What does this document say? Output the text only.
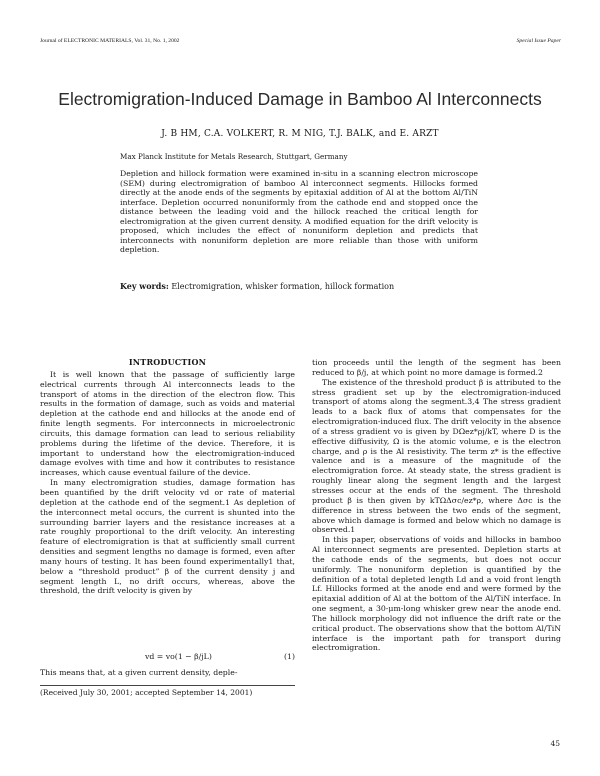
Journal of ELECTRONIC MATERIALS, Vol. 31, No. 1, 2002	Special Issue Paper
Electromigration-Induced Damage in Bamboo Al Interconnects
J. B HM, C.A. VOLKERT, R. M NIG, T.J. BALK, and E. ARZT
Max Planck Institute for Metals Research, Stuttgart, Germany

Depletion and hillock formation were examined in-situ in a scanning electron microscope (SEM) during electromigration of bamboo Al interconnect segments. Hillocks formed directly at the anode ends of the segments by epitaxial addition of Al at the bottom Al/TiN interface. Depletion occurred nonuniformly from the cathode end and stopped once the distance between the leading void and the hillock reached the critical length for electromigration at the given current density. A modified equation for the drift velocity is proposed, which includes the effect of nonuniform depletion and predicts that interconnects with nonuniform depletion are more reliable than those with uniform depletion.

Key words: Electromigration, whisker formation, hillock formation
INTRODUCTION

It is well known that the passage of sufficiently large electrical currents through Al interconnects leads to the transport of atoms in the direction of the electron flow. This results in the formation of damage, such as voids and material depletion at the cathode end and hillocks at the anode end of finite length segments. For interconnects in microelectronic circuits, this damage formation can lead to serious reliability problems during the lifetime of the device. Therefore, it is important to understand how the electromigration-induced damage evolves with time and how it contributes to resistance increases, which cause eventual failure of the device.

In many electromigration studies, damage formation has been quantified by the drift velocity vd or rate of material depletion at the cathode end of the segment.1 As depletion of the interconnect metal occurs, the current is shunted into the surrounding barrier layers and the resistance increases at a rate roughly proportional to the drift velocity. An interesting feature of electromigration is that at sufficiently small current densities and segment lengths no damage is formed, even after many hours of testing. It has been found experimentally1 that, below a “threshold product” β of the current density j and segment length L, no drift occurs, whereas, above the threshold, the drift velocity is given by

vd = vo(1 − β/jL)	(1)

This means that, at a given current density, deple-

(Received July 30, 2001; accepted September 14, 2001)

tion proceeds until the length of the segment has been reduced to β/j, at which point no more damage is formed.2

The existence of the threshold product β is attributed to the stress gradient set up by the electromigration-induced transport of atoms along the segment.3,4 The stress gradient leads to a back flux of atoms that compensates for the electromigration-induced flux. The drift velocity in the absence of a stress gradient vo is given by DΩez*ρj/kT, where D is the effective diffusivity, Ω is the atomic volume, e is the electron charge, and ρ is the Al resistivity. The term z* is the effective valence and is a measure of the magnitude of the electromigration force. At steady state, the stress gradient is roughly linear along the segment length and the largest stresses occur at the ends of the segment. The threshold product β is then given by kTΩΔσc/ez*ρ, where Δσc is the difference in stress between the two ends of the segment, above which damage is formed and below which no damage is observed.1

In this paper, observations of voids and hillocks in bamboo Al interconnect segments are presented. Depletion starts at the cathode ends of the segments, but does not occur uniformly. The nonuniform depletion is quantified by the definition of a total depleted length Ld and a void front length Lf. Hillocks formed at the anode end and were formed by the epitaxial addition of Al at the bottom of the Al/TiN interface. In one segment, a 30-μm-long whisker grew near the anode end. The hillock morphology did not influence the drift rate or the critical product. The observations show that the bottom Al/TiN interface is the important path for transport during electromigration.

45
